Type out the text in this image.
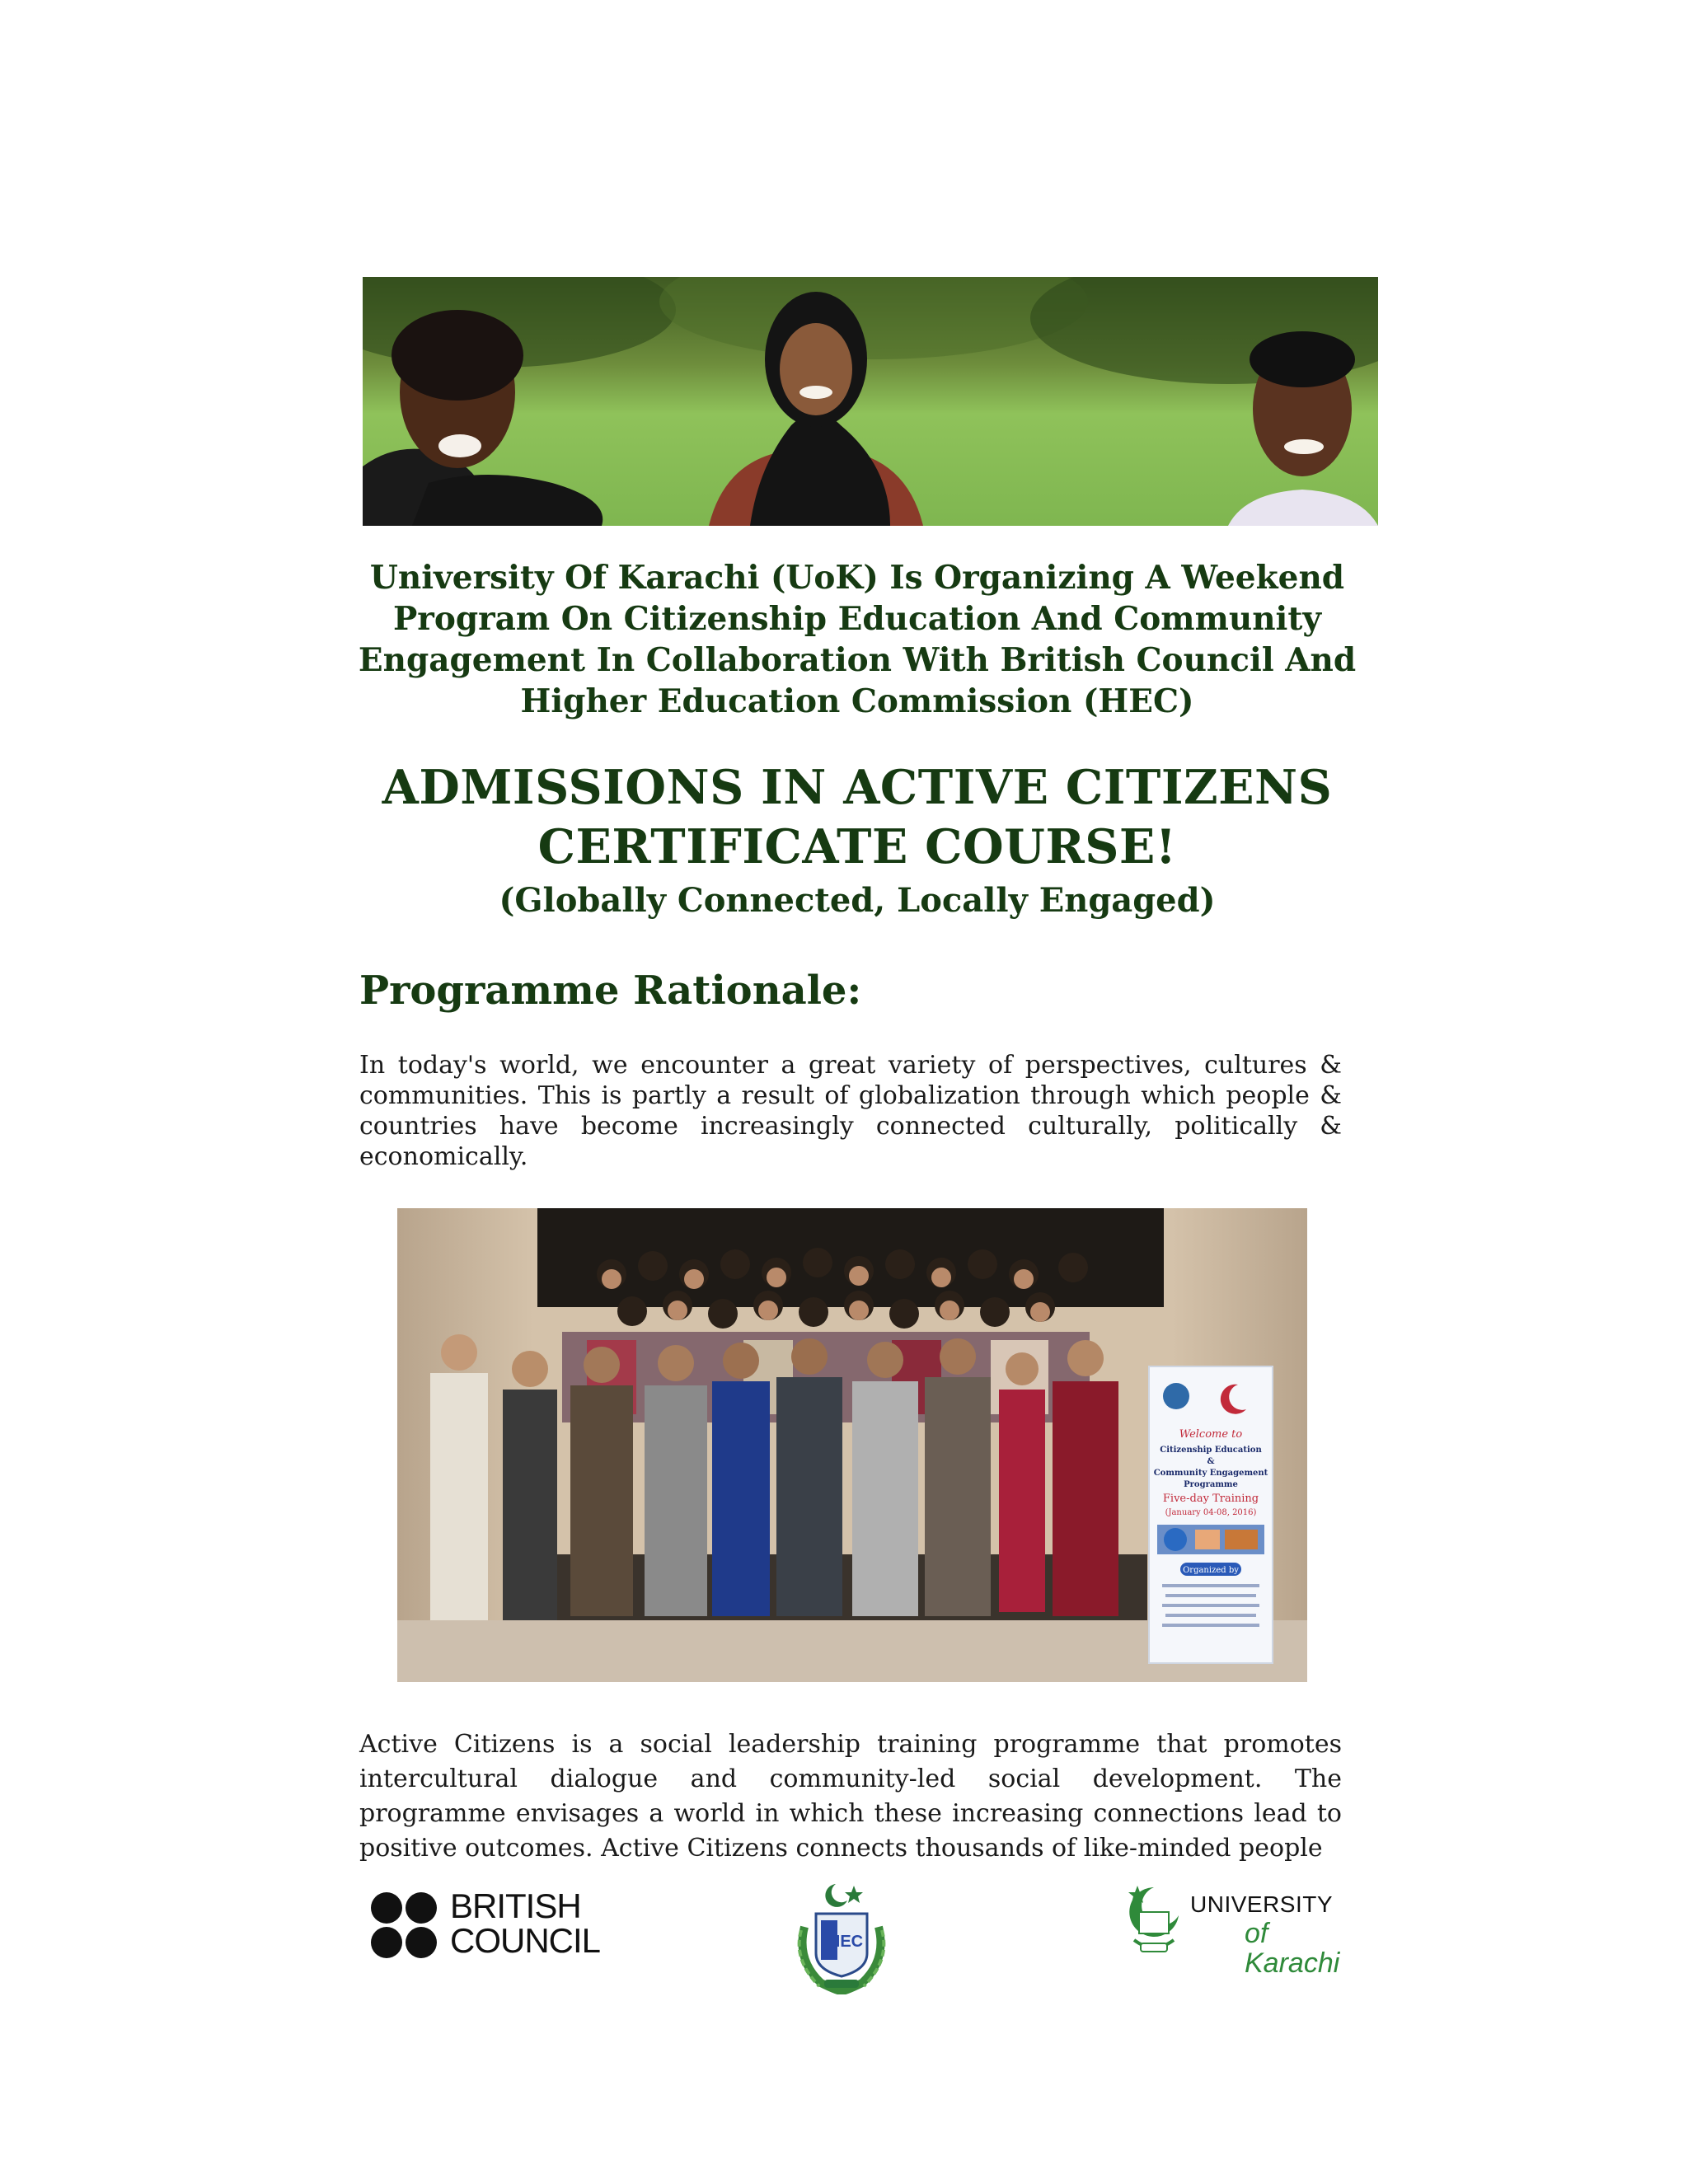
University Of Karachi (UoK) Is Organizing A Weekend Program On Citizenship Education And Community Engagement In Collaboration With British Council And Higher Education Commission (HEC)
ADMISSIONS IN ACTIVE CITIZENS
CERTIFICATE COURSE!
(Globally Connected, Locally Engaged)
Programme Rationale:
In today's world, we encounter a great variety of perspectives, cultures & communities. This is partly a result of globalization through which people & countries have become increasingly connected culturally, politically & economically.
Welcome to
Citizenship Education
&
Community Engagement
Programme
Five-day Training
(January 04-08, 2016)
Organized by
Active Citizens is a social leadership training programme that promotes intercultural dialogue and community-led social development. The programme envisages a world in which these increasing connections lead to positive outcomes. Active Citizens connects thousands of like-minded people
BRITISH
COUNCIL	HEC
UNIVERSITY
of Karachi
